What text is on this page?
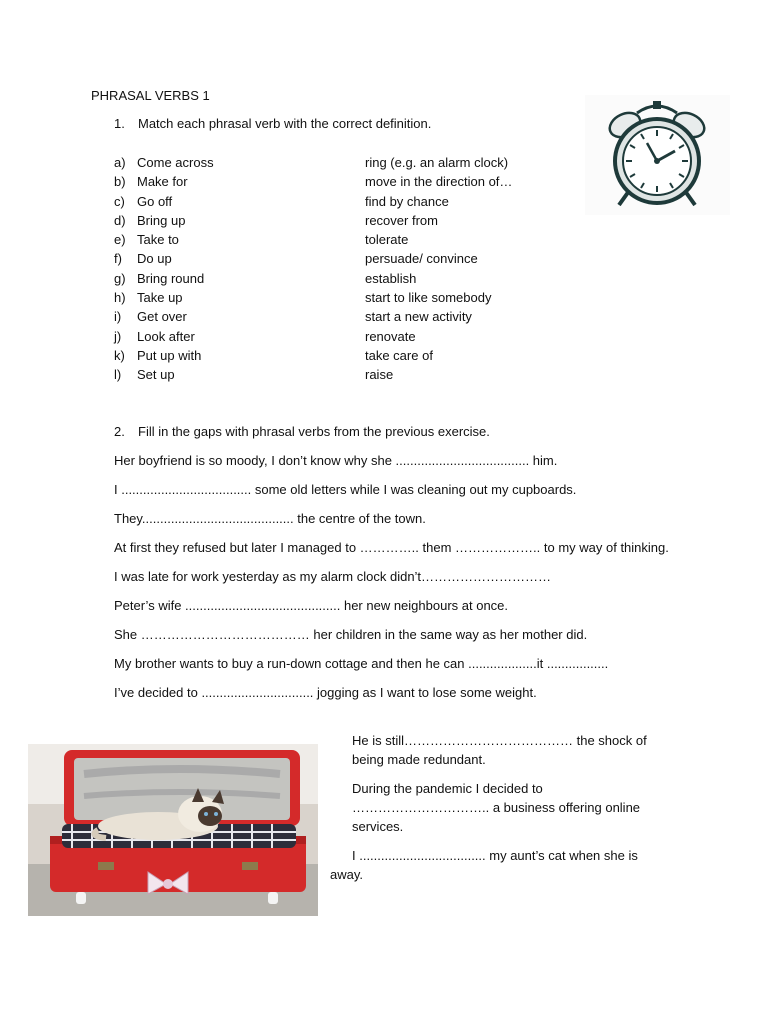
PHRASAL VERBS 1
1. Match each phrasal verb with the correct definition.
a) Come across	ring (e.g. an alarm clock)
b) Make for	move in the direction of…
c) Go off	find by chance
d) Bring up	recover from
e) Take to	tolerate
f)	Do up	persuade/ convince
g) Bring round	establish
h) Take up	start to like somebody
i)	Get over	start a new activity
j)	Look after	renovate
k) Put up with	take care of
l)	Set up	raise
2. Fill in the gaps with phrasal verbs from the previous exercise.
Her boyfriend is so moody, I don’t know why she ..................................... him.
I .................................... some old letters while I was cleaning out my cupboards.
They.......................................... the centre of the town.
At first they refused but later I managed to ………….. them ……………….. to my way of thinking.
I was late for work yesterday as my alarm clock didn’t…………………………
Peter’s wife ........................................... her new neighbours at once.
She ………………………………… her children in the same way as her mother did.
My brother wants to buy a run-down cottage and then he can ...................it .................
I’ve decided to ............................... jogging as I want to lose some weight.
He is still………………………………… the shock of being made redundant.
During the pandemic I decided to ………………………….. a business offering online services.
I ................................... my aunt’s cat when she is
away.
